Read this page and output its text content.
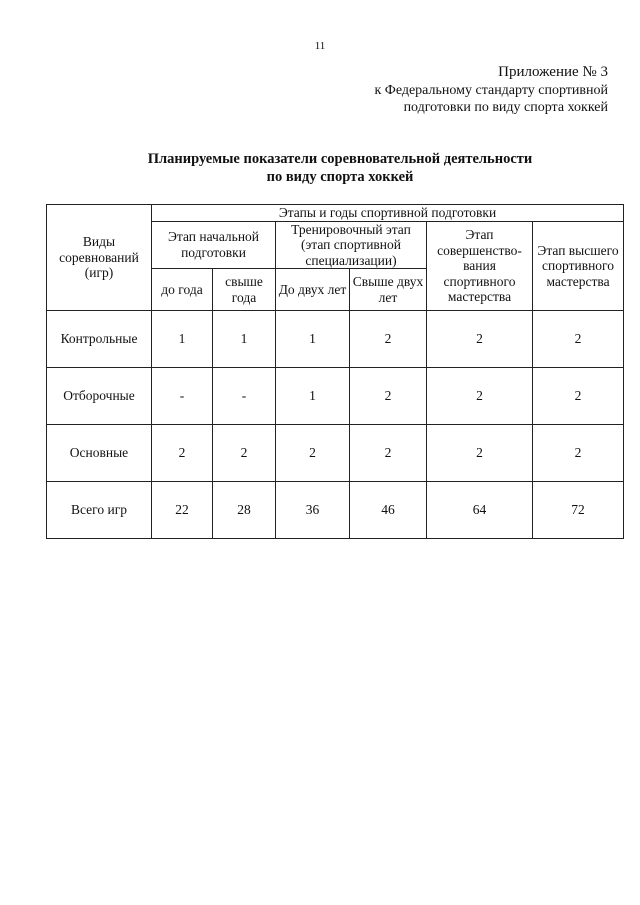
11
Приложение № 3
к Федеральному стандарту спортивной
подготовки по виду спорта хоккей
Планируемые показатели соревновательной деятельности
по виду спорта хоккей
Виды соревнований (игр)	Этапы и годы спортивной подготовки					
	Этап начальной подготовки		Тренировочный этап (этап спортивной специализации)		Этап совершенство-вания спортивного мастерства	Этап высшего спортивного мастерства
	до года	свыше года	До двух лет	Свыше двух лет		
Контрольные	1	1	1	2	2	2
Отборочные	-	-	1	2	2	2
Основные	2	2	2	2	2	2
Всего игр	22	28	36	46	64	72
